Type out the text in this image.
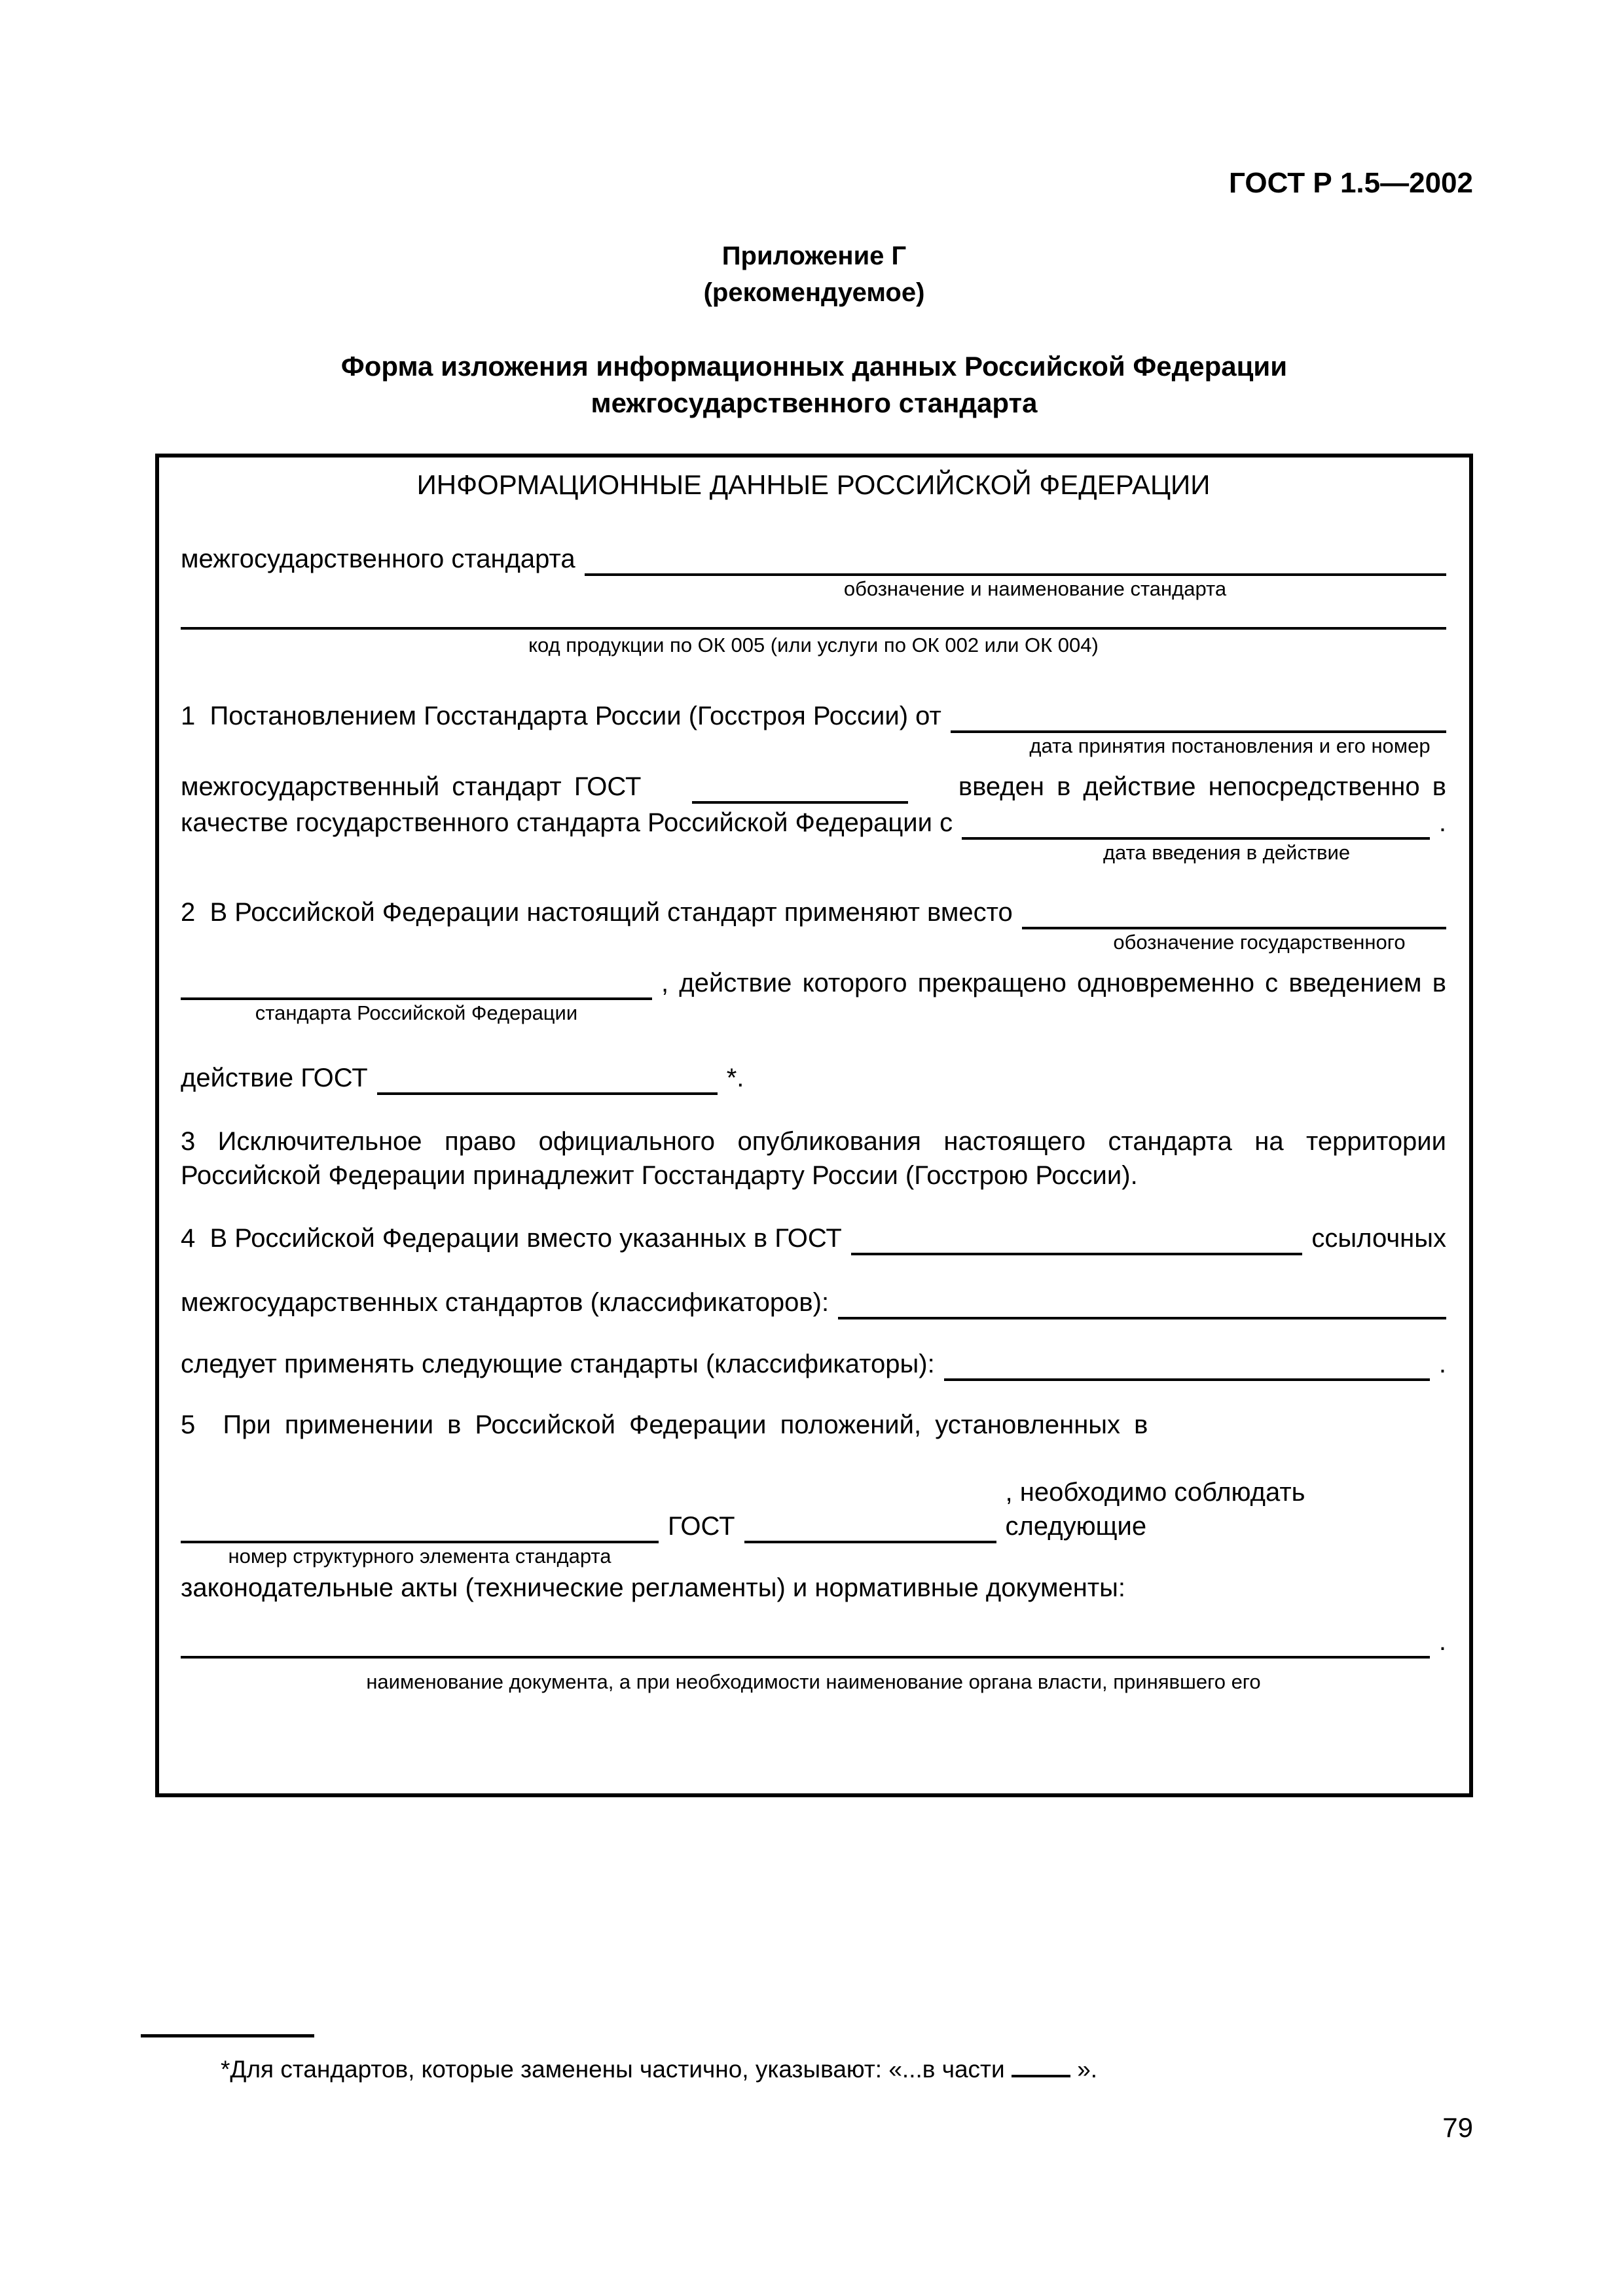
ГОСТ Р 1.5—2002
Приложение Г
(рекомендуемое)
Форма изложения информационных данных Российской Федерации
межгосударственного стандарта
ИНФОРМАЦИОННЫЕ ДАННЫЕ РОССИЙСКОЙ ФЕДЕРАЦИИ
межгосударственного стандарта
обозначение и наименование стандарта
код продукции по ОК 005 (или услуги по ОК 002 или ОК 004)
1  Постановлением Госстандарта России (Госстроя России) от
дата принятия постановления и его номер
межгосударственный стандарт ГОСТ	введен в действие непосредственно в
качестве государственного стандарта Российской Федерации с	.
дата введения в действие
2  В Российской Федерации настоящий стандарт применяют вместо
обозначение государственного
, действие которого прекращено одновременно с введением в
стандарта Российской Федерации
действие ГОСТ	*.
3 Исключительное право официального опубликования настоящего стандарта на территории
Российской Федерации принадлежит Госстандарту России (Госстрою России).
4  В Российской Федерации вместо указанных в ГОСТ	ссылочных
межгосударственных стандартов (классификаторов):
следует применять следующие стандарты (классификаторы):	.
5  При применении в Российской Федерации положений, установленных в
ГОСТ
, необходимо соблюдать следующие
номер структурного элемента стандарта
законодательные акты (технические регламенты) и нормативные документы:
.
наименование документа, а при необходимости наименование органа власти, принявшего его
*Для стандартов, которые заменены частично, указывают: «...в части	».
79
